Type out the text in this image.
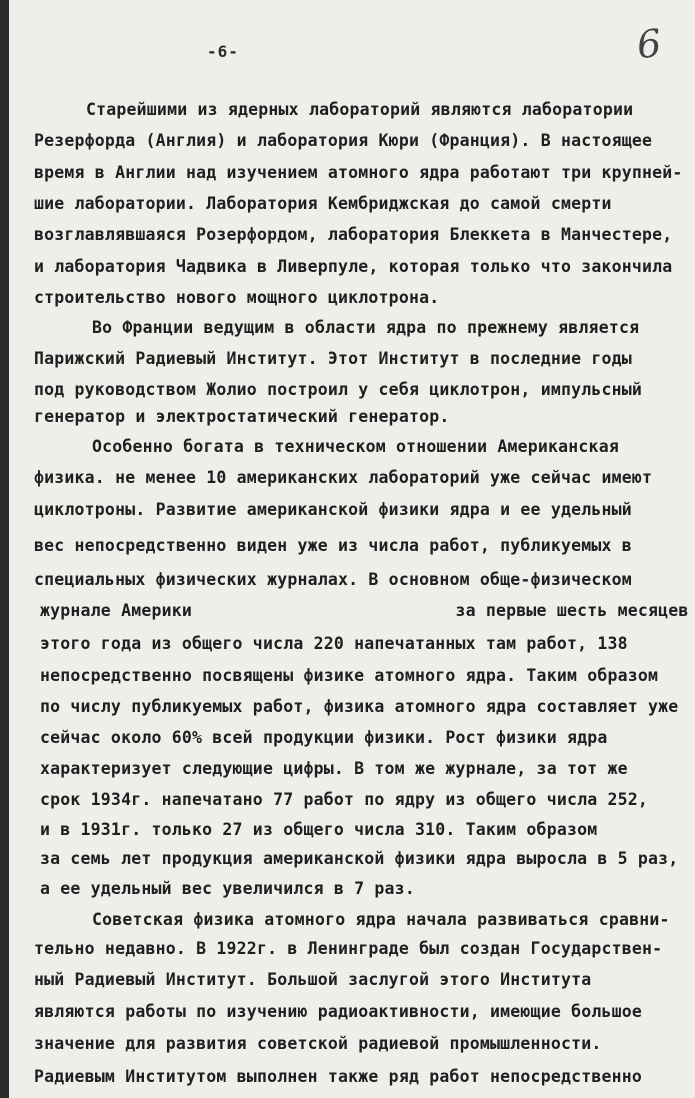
-6-	6
Старейшими из ядерных лабораторий являются лаборатории
Резерфорда (Англия) и лаборатория Кюри (Франция). В настоящее
время в Англии над изучением атомного ядра работают три крупней-
шие лаборатории. Лаборатория Кембриджская до самой смерти
возглавлявшаяся Розерфордом, лаборатория Блеккета в Манчестере,
и лаборатория Чадвика в Ливерпуле, которая только что закончила
строительство нового мощного циклотрона.
Во Франции ведущим в области ядра по прежнему является
Парижский Радиевый Институт. Этот Институт в последние годы
под руководством Жолио построил у себя циклотрон, импульсный
генератор и электростатический генератор.
Особенно богата в техническом отношении Американская
физика. не менее 10 американских лабораторий уже сейчас имеют
циклотроны. Развитие американской физики ядра и ее удельный
вес непосредственно виден уже из числа работ, публикуемых в
специальных физических журналах. В основном обще-физическом
журнале Америки                          за первые шесть месяцев
этого года из общего числа 220 напечатанных там работ, 138
непосредственно посвящены физике атомного ядра. Таким образом
по числу публикуемых работ, физика атомного ядра составляет уже
сейчас около 60% всей продукции физики. Рост физики ядра
характеризует следующие цифры. В том же журнале, за тот же
срок 1934г. напечатано 77 работ по ядру из общего числа 252,
и в 1931г. только 27 из общего числа 310. Таким образом
за семь лет продукция американской физики ядра выросла в 5 раз,
а ее удельный вес увеличился в 7 раз.
Советская физика атомного ядра начала развиваться сравни-
тельно недавно. В 1922г. в Ленинграде был создан Государствен-
ный Радиевый Институт. Большой заслугой этого Института
являются работы по изучению радиоактивности, имеющие большое
значение для развития советской радиевой промышленности.
Радиевым Институтом выполнен также ряд работ непосредственно
